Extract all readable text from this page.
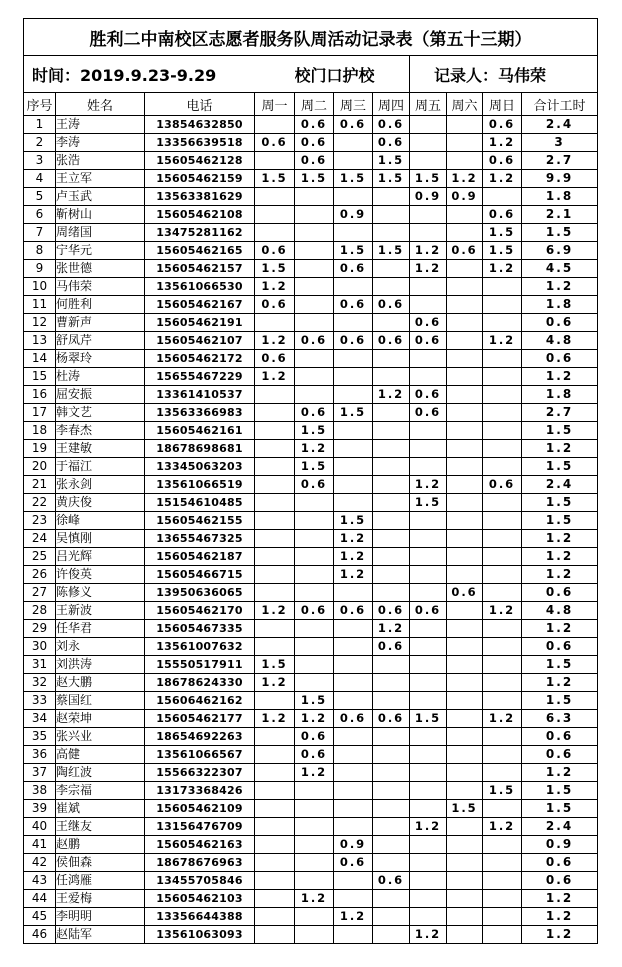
胜利二中南校区志愿者服务队周活动记录表（第五十三期）										
时间：2019.9.23-9.29				校门口护校			记录人：马伟荣			
序号	姓名	电话	周一	周二	周三	周四	周五	周六	周日	合计工时
1	王涛	13854632850		0.6	0.6	0.6			0.6	2.4
2	李涛	13356639518	0.6	0.6		0.6			1.2	3
3	张浩	15605462128		0.6		1.5			0.6	2.7
4	王立军	15605462159	1.5	1.5	1.5	1.5	1.5	1.2	1.2	9.9
5	卢玉武	13563381629					0.9	0.9		1.8
6	靳树山	15605462108			0.9				0.6	2.1
7	周绪国	13475281162							1.5	1.5
8	宁华元	15605462165	0.6		1.5	1.5	1.2	0.6	1.5	6.9
9	张世德	15605462157	1.5		0.6		1.2		1.2	4.5
10	马伟荣	13561066530	1.2							1.2
11	何胜利	15605462167	0.6		0.6	0.6				1.8
12	曹新声	15605462191					0.6			0.6
13	舒凤芹	15605462107	1.2	0.6	0.6	0.6	0.6		1.2	4.8
14	杨翠玲	15605462172	0.6							0.6
15	杜涛	15655467229	1.2							1.2
16	屈安振	13361410537				1.2	0.6			1.8
17	韩文艺	13563366983		0.6	1.5		0.6			2.7
18	李春杰	15605462161		1.5						1.5
19	王建敏	18678698681		1.2						1.2
20	于福江	13345063203		1.5						1.5
21	张永剑	13561066519		0.6			1.2		0.6	2.4
22	黄庆俊	15154610485					1.5			1.5
23	徐峰	15605462155			1.5					1.5
24	吴慎刚	13655467325			1.2					1.2
25	吕光辉	15605462187			1.2					1.2
26	许俊英	15605466715			1.2					1.2
27	陈修义	13950636065						0.6		0.6
28	王新波	15605462170	1.2	0.6	0.6	0.6	0.6		1.2	4.8
29	任华君	15605467335				1.2				1.2
30	刘永	13561007632				0.6				0.6
31	刘洪涛	15550517911	1.5							1.5
32	赵大鹏	18678624330	1.2							1.2
33	蔡国红	15606462162		1.5						1.5
34	赵荣坤	15605462177	1.2	1.2	0.6	0.6	1.5		1.2	6.3
35	张兴业	18654692263		0.6						0.6
36	高健	13561066567		0.6						0.6
37	陶红波	15566322307		1.2						1.2
38	李宗福	13173368426							1.5	1.5
39	崔斌	15605462109						1.5		1.5
40	王继友	13156476709					1.2		1.2	2.4
41	赵鹏	15605462163			0.9					0.9
42	侯佃森	18678676963			0.6					0.6
43	任鸿雁	13455705846				0.6				0.6
44	王爱梅	15605462103		1.2						1.2
45	李明明	13356644388			1.2					1.2
46	赵陆军	13561063093					1.2			1.2
